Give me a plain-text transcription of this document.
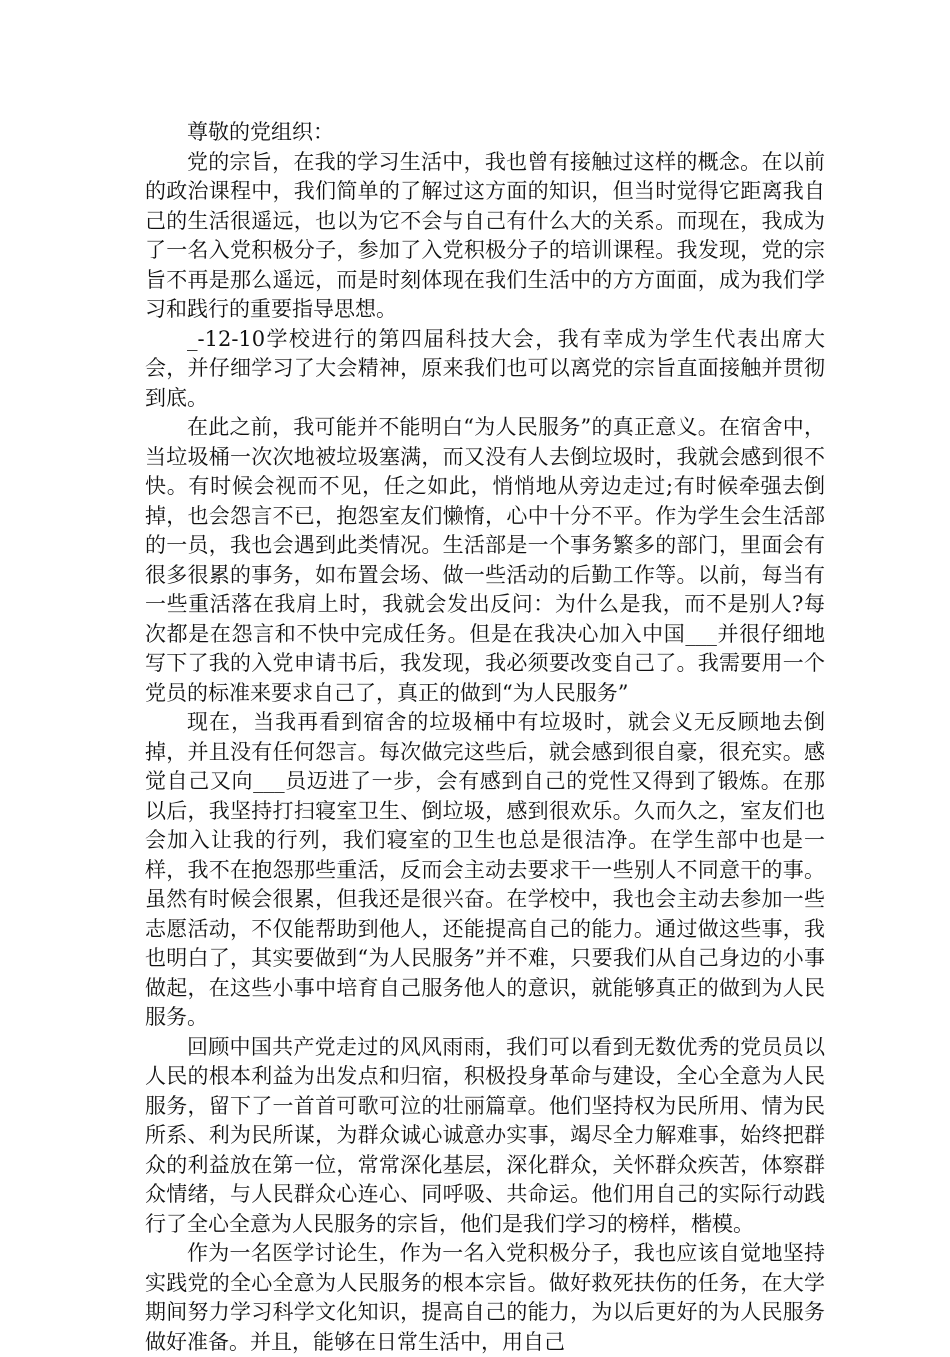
尊敬的党组织：

党的宗旨，在我的学习生活中，我也曾有接触过这样的概念。在以前的政治课程中，我们简单的了解过这方面的知识，但当时觉得它距离我自己的生活很遥远，也以为它不会与自己有什么大的关系。而现在，我成为了一名入党积极分子，参加了入党积极分子的培训课程。我发现，党的宗旨不再是那么遥远，而是时刻体现在我们生活中的方方面面，成为我们学习和践行的重要指导思想。

_-12-10学校进行的第四届科技大会，我有幸成为学生代表出席大会，并仔细学习了大会精神，原来我们也可以离党的宗旨直面接触并贯彻到底。

在此之前，我可能并不能明白“为人民服务”的真正意义。在宿舍中，当垃圾桶一次次地被垃圾塞满，而又没有人去倒垃圾时，我就会感到很不快。有时候会视而不见，任之如此，悄悄地从旁边走过;有时候牵强去倒掉，也会怨言不已，抱怨室友们懒惰，心中十分不平。作为学生会生活部的一员，我也会遇到此类情况。生活部是一个事务繁多的部门，里面会有很多很累的事务，如布置会场、做一些活动的后勤工作等。以前，每当有一些重活落在我肩上时，我就会发出反问：为什么是我，而不是别人?每次都是在怨言和不快中完成任务。但是在我决心加入中国___并很仔细地写下了我的入党申请书后，我发现，我必须要改变自己了。我需要用一个党员的标准来要求自己了，真正的做到“为人民服务”

现在，当我再看到宿舍的垃圾桶中有垃圾时，就会义无反顾地去倒掉，并且没有任何怨言。每次做完这些后，就会感到很自豪，很充实。感觉自己又向___员迈进了一步，会有感到自己的党性又得到了锻炼。在那以后，我坚持打扫寝室卫生、倒垃圾，感到很欢乐。久而久之，室友们也会加入让我的行列，我们寝室的卫生也总是很洁净。在学生部中也是一样，我不在抱怨那些重活，反而会主动去要求干一些别人不同意干的事。虽然有时候会很累，但我还是很兴奋。在学校中，我也会主动去参加一些志愿活动，不仅能帮助到他人，还能提高自己的能力。通过做这些事，我也明白了，其实要做到“为人民服务”并不难，只要我们从自己身边的小事做起，在这些小事中培育自己服务他人的意识，就能够真正的做到为人民服务。

回顾中国共产党走过的风风雨雨，我们可以看到无数优秀的党员员以人民的根本利益为出发点和归宿，积极投身革命与建设，全心全意为人民服务，留下了一首首可歌可泣的壮丽篇章。他们坚持权为民所用、情为民所系、利为民所谋，为群众诚心诚意办实事，竭尽全力解难事，始终把群众的利益放在第一位，常常深化基层，深化群众，关怀群众疾苦，体察群众情绪，与人民群众心连心、同呼吸、共命运。他们用自己的实际行动践行了全心全意为人民服务的宗旨，他们是我们学习的榜样，楷模。

作为一名医学讨论生，作为一名入党积极分子，我也应该自觉地坚持实践党的全心全意为人民服务的根本宗旨。做好救死扶伤的任务，在大学期间努力学习科学文化知识，提高自己的能力，为以后更好的为人民服务做好准备。并且，能够在日常生活中，用自己
